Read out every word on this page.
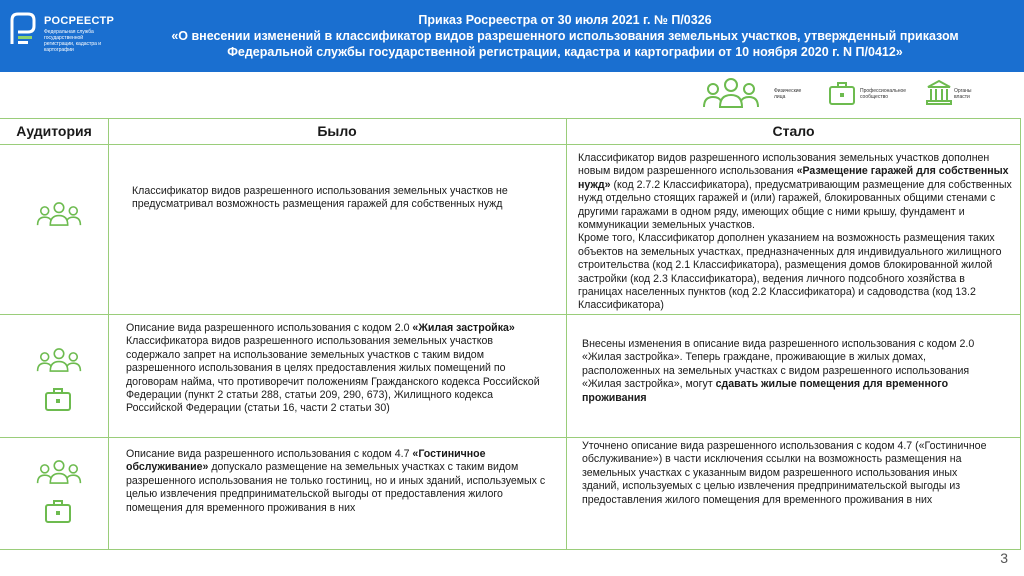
РОСРЕЕСТР
Федеральная служба государственной регистрации, кадастра и картографии
Приказ Росреестра от 30 июля 2021 г. № П/0326
«О внесении изменений в классификатор видов разрешенного использования земельных участков, утвержденный приказом
Федеральной службы государственной регистрации, кадастра и картографии от 10 ноября 2020 г. N П/0412»
Физические
лица
Профессиональное
сообщество
Органы
власти
Аудитория	Было	Стало
Классификатор видов разрешенного использования земельных участков не предусматривал возможность размещения гаражей для собственных нужд
Классификатор видов разрешенного использования земельных участков дополнен новым видом разрешенного использования «Размещение гаражей для собственных нужд» (код 2.7.2 Классификатора), предусматривающим размещение для собственных нужд отдельно стоящих гаражей и (или) гаражей, блокированных общими стенами с другими гаражами в одном ряду, имеющих общие с ними крышу, фундамент и коммуникации земельных участков.
Кроме того, Классификатор дополнен указанием на возможность размещения таких объектов на земельных участках, предназначенных для индивидуального жилищного строительства (код 2.1 Классификатора), размещения домов блокированной жилой застройки (код 2.3 Классификатора), ведения личного подсобного хозяйства в границах населенных пунктов (код 2.2 Классификатора) и садоводства (код 13.2 Классификатора)
Описание вида разрешенного использования с кодом 2.0 «Жилая застройка» Классификатора видов разрешенного использования земельных участков содержало запрет на использование земельных участков с таким видом разрешенного использования в целях предоставления жилых помещений по договорам найма, что противоречит положениям Гражданского кодекса Российской Федерации (пункт 2 статьи 288, статьи 209, 290, 673), Жилищного кодекса Российской Федерации (статьи 16, части 2 статьи 30)
Внесены изменения в описание вида разрешенного использования с кодом 2.0 «Жилая застройка». Теперь граждане, проживающие в жилых домах, расположенных на земельных участках с видом разрешенного использования «Жилая застройка», могут сдавать жилые помещения для временного проживания
Описание вида разрешенного использования с кодом 4.7 «Гостиничное обслуживание» допускало размещение на земельных участках с таким видом разрешенного использования не только гостиниц, но и иных зданий, используемых с целью извлечения предпринимательской выгоды от предоставления жилого помещения для временного проживания в них
Уточнено описание вида разрешенного использования с кодом 4.7 («Гостиничное обслуживание») в части исключения ссылки на возможность размещения на земельных участках с указанным видом разрешенного использования иных зданий, используемых с целью извлечения предпринимательской выгоды из предоставления жилого помещения для временного проживания в них
3
